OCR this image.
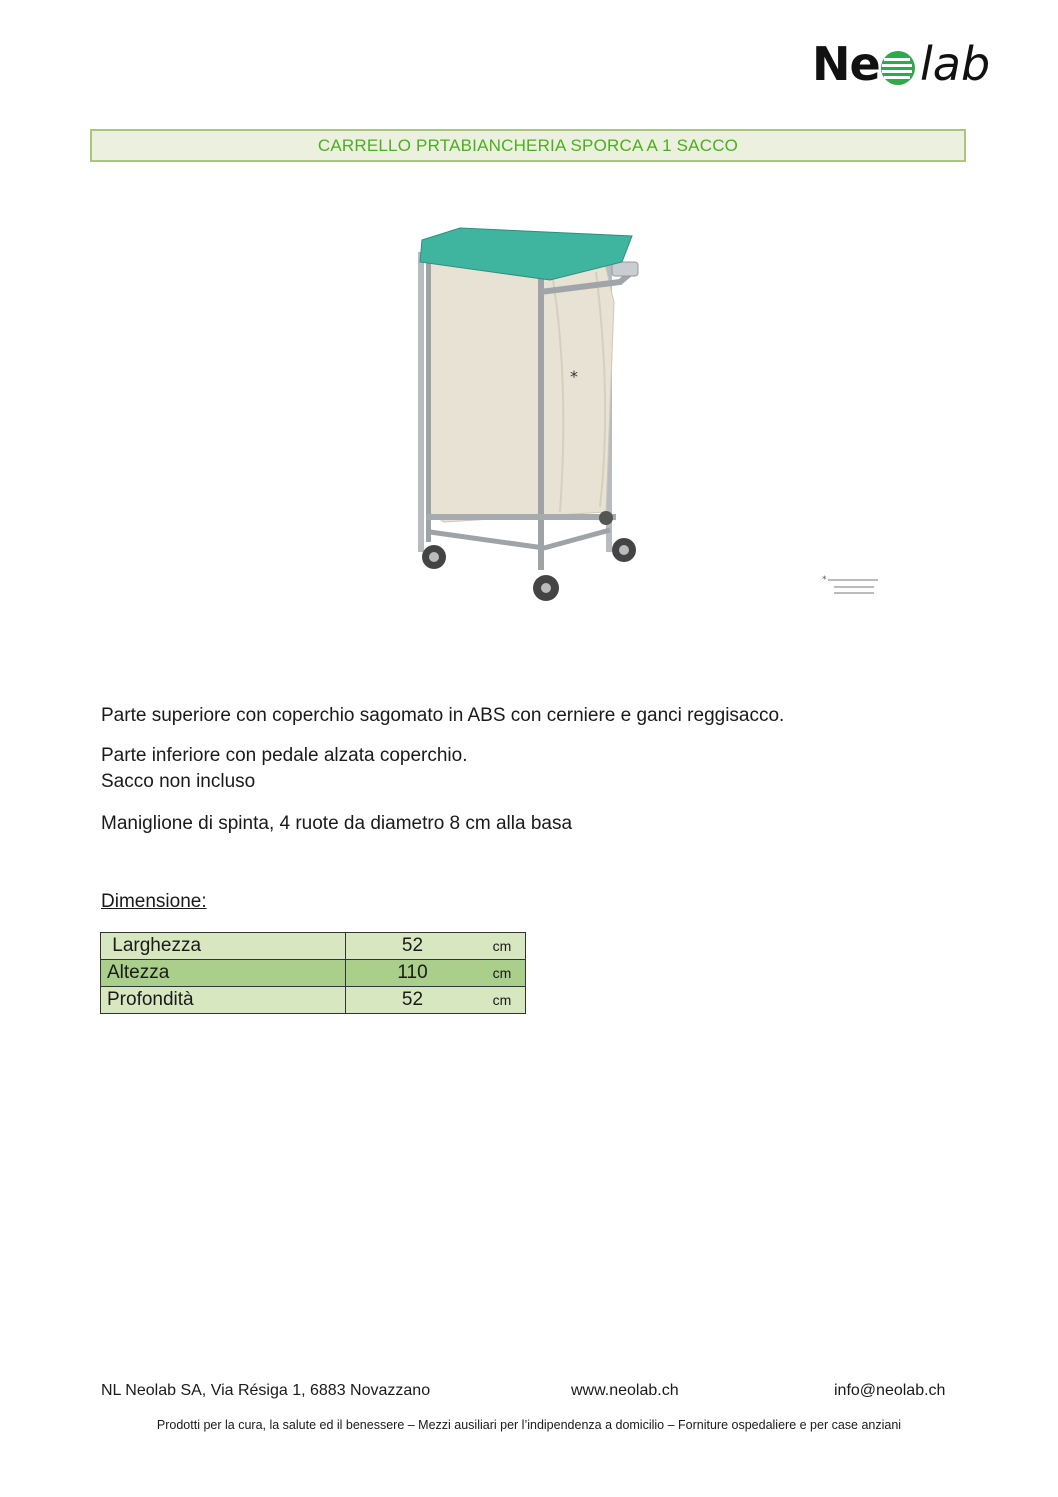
Ne lab
CARRELLO PRTABIANCHERIA SPORCA A 1 SACCO
*
*

Parte superiore con coperchio sagomato in ABS con cerniere e ganci reggisacco.

Parte inferiore con pedale alzata coperchio.

Sacco non incluso

Maniglione di spinta, 4 ruote da diametro 8 cm alla basa

Dimensione:
Larghezza	52	cm
Altezza	110	cm
Profondità	52	cm
NL Neolab SA, Via Résiga 1, 6883 Novazzano	www.neolab.ch	info@neolab.ch
Prodotti per la cura, la salute ed il benessere – Mezzi ausiliari per l’indipendenza a domicilio – Forniture ospedaliere e per case anziani
